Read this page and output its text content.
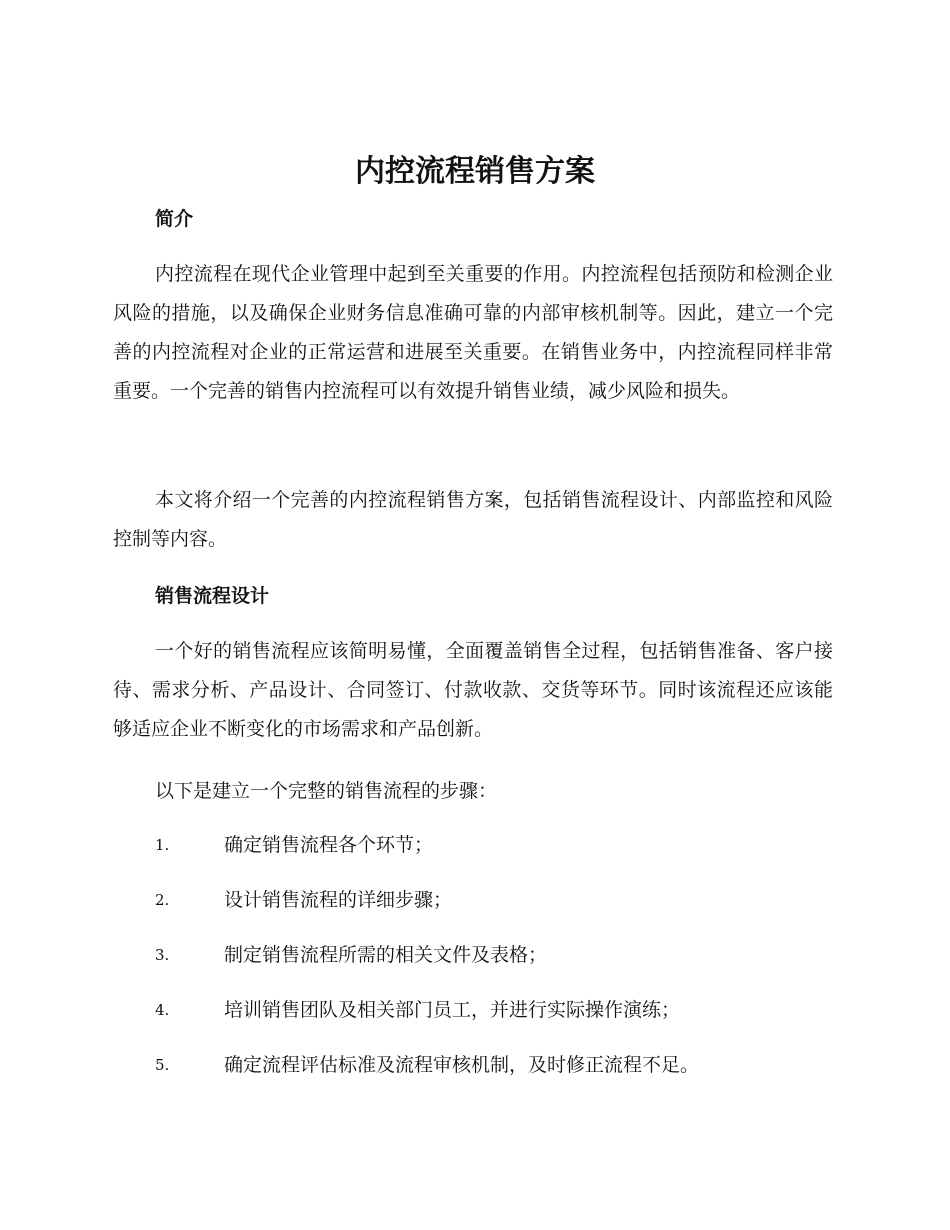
内控流程销售方案
简介

内控流程在现代企业管理中起到至关重要的作用。内控流程包括预防和检测企业风险的措施，以及确保企业财务信息准确可靠的内部审核机制等。因此，建立一个完善的内控流程对企业的正常运营和进展至关重要。在销售业务中，内控流程同样非常重要。一个完善的销售内控流程可以有效提升销售业绩，减少风险和损失。

本文将介绍一个完善的内控流程销售方案，包括销售流程设计、内部监控和风险控制等内容。

销售流程设计

一个好的销售流程应该简明易懂，全面覆盖销售全过程，包括销售准备、客户接待、需求分析、产品设计、合同签订、付款收款、交货等环节。同时该流程还应该能够适应企业不断变化的市场需求和产品创新。

以下是建立一个完整的销售流程的步骤：

1.	确定销售流程各个环节；
2.	设计销售流程的详细步骤；
3.	制定销售流程所需的相关文件及表格；
4.	培训销售团队及相关部门员工，并进行实际操作演练；
5.	确定流程评估标准及流程审核机制，及时修正流程不足。
